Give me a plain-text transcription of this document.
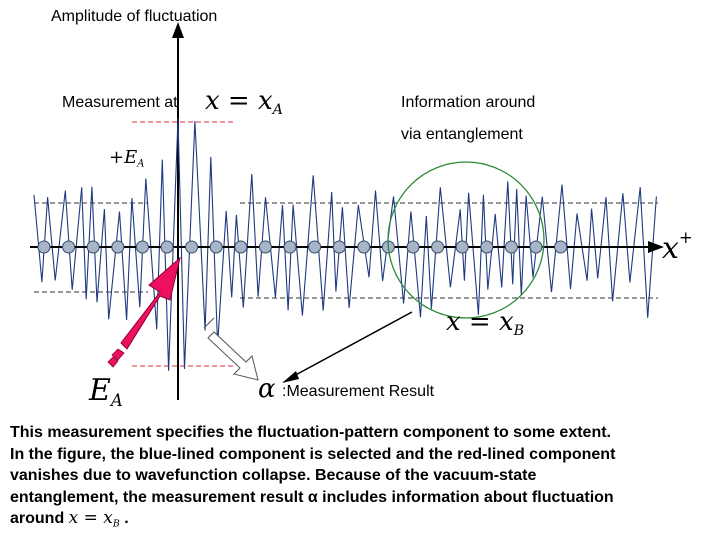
Amplitude of fluctuation
Measurement at $x = x_A$	Information around
via entanglement
$+E_A$
x+
$x = x_B$
$E_A$	α :Measurement Result
This measurement specifies the fluctuation-pattern component to some extent.
In the figure, the blue-lined component is selected and the red-lined component
vanishes due to wavefunction collapse. Because of the vacuum-state
entanglement, the measurement result α includes information about fluctuation
around $x = x_B$ .
